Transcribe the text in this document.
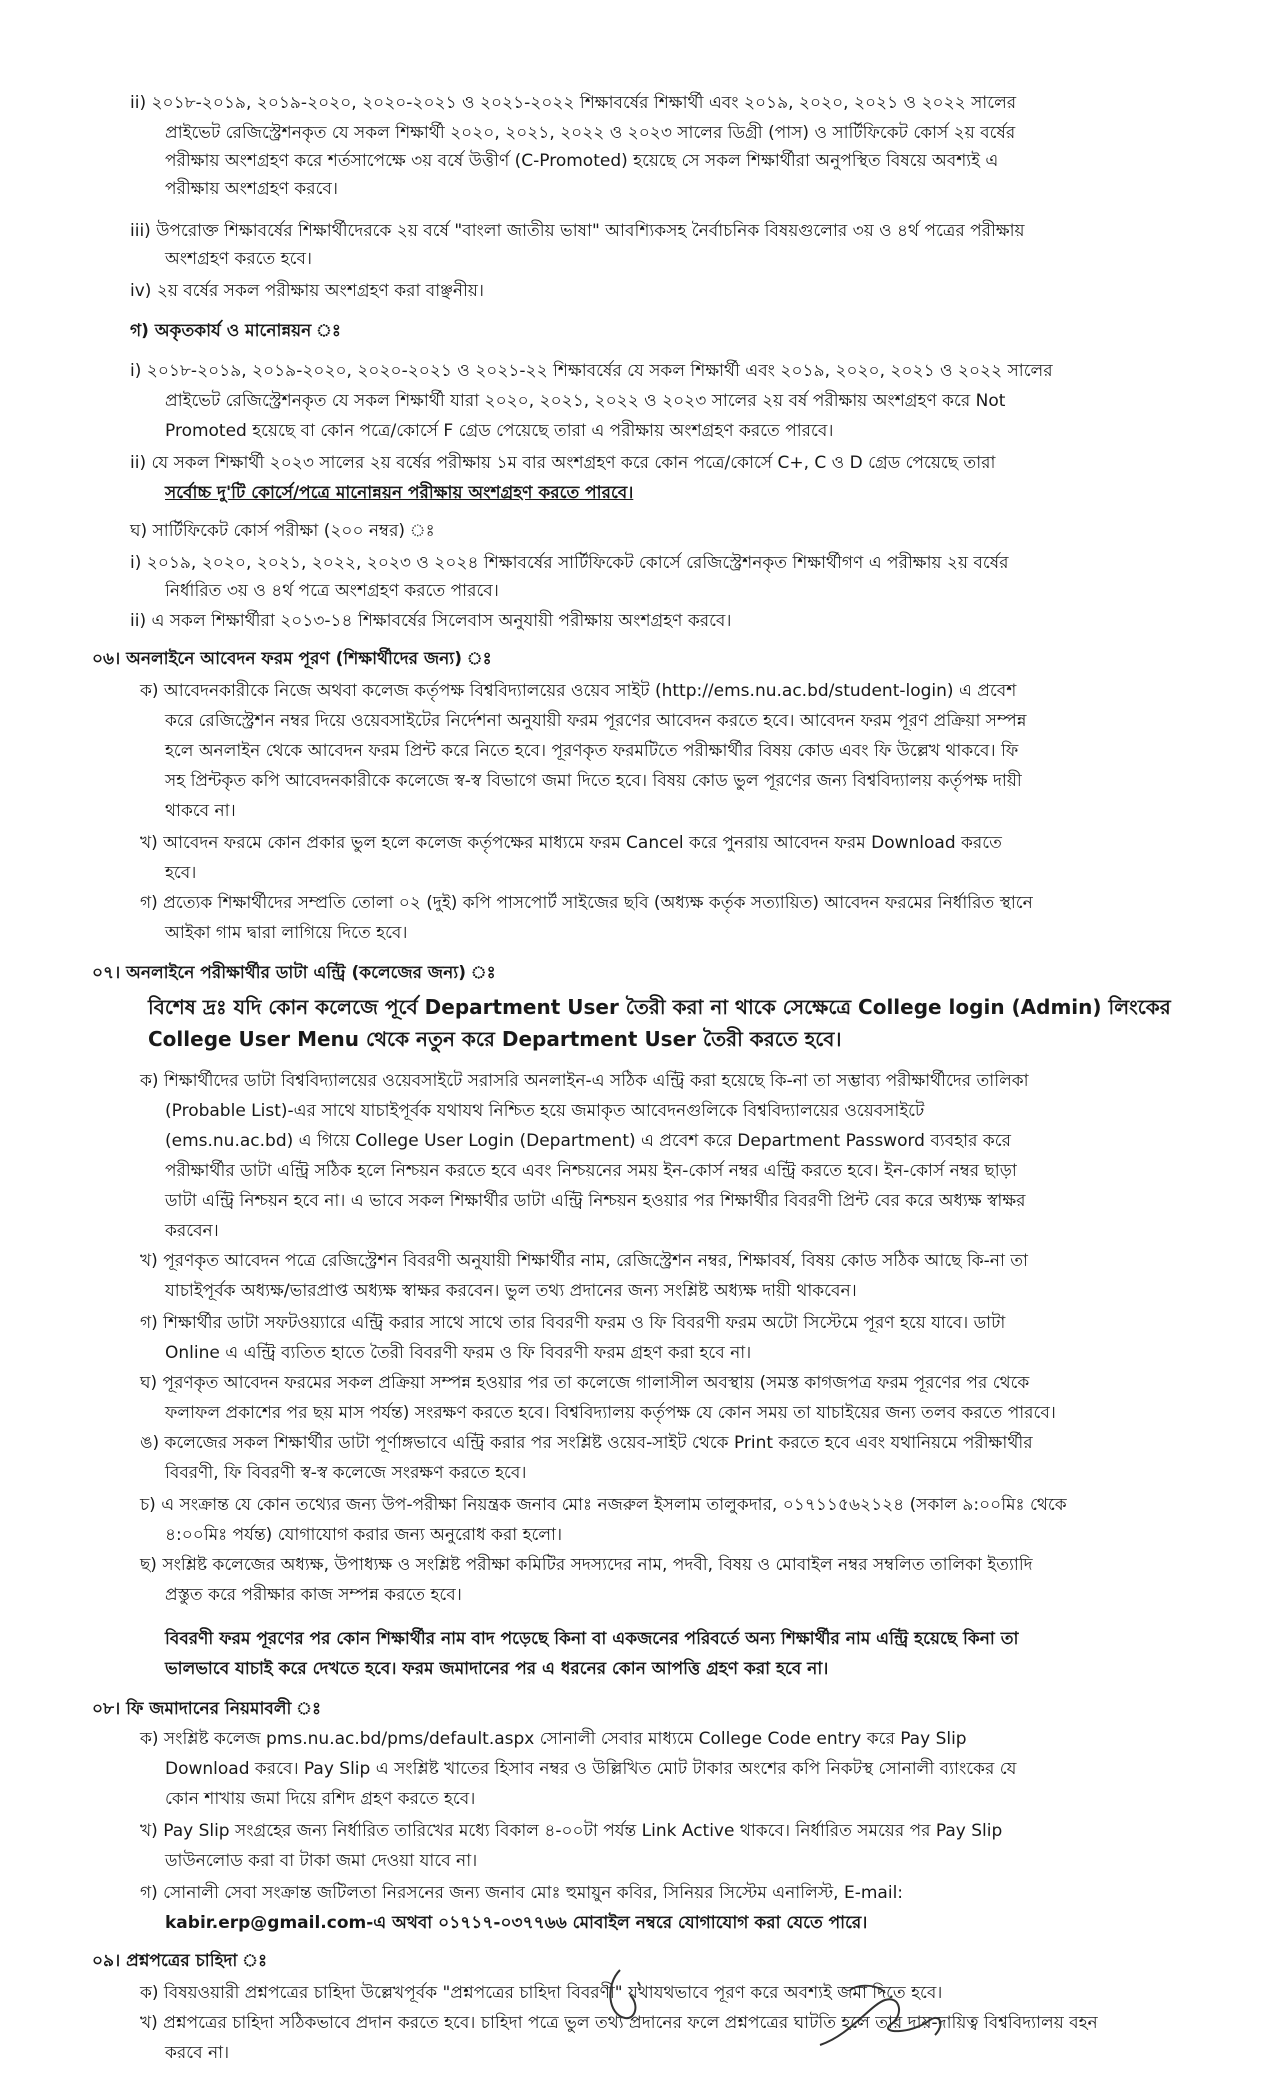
ii) ২০১৮-২০১৯, ২০১৯-২০২০, ২০২০-২০২১ ও ২০২১-২০২২ শিক্ষাবর্ষের শিক্ষার্থী এবং ২০১৯, ২০২০, ২০২১ ও ২০২২ সালের
প্রাইভেট রেজিস্ট্রেশনকৃত যে সকল শিক্ষার্থী ২০২০, ২০২১, ২০২২ ও ২০২৩ সালের ডিগ্রী (পাস) ও সার্টিফিকেট কোর্স ২য় বর্ষের
পরীক্ষায় অংশগ্রহণ করে শর্তসাপেক্ষে ৩য় বর্ষে উত্তীর্ণ (C-Promoted) হয়েছে সে সকল শিক্ষার্থীরা অনুপস্থিত বিষয়ে অবশ্যই এ
পরীক্ষায় অংশগ্রহণ করবে।
iii) উপরোক্ত শিক্ষাবর্ষের শিক্ষার্থীদেরকে ২য় বর্ষে "বাংলা জাতীয় ভাষা" আবশ্যিকসহ নৈর্বাচনিক বিষয়গুলোর ৩য় ও ৪র্থ পত্রের পরীক্ষায়
অংশগ্রহণ করতে হবে।
iv) ২য় বর্ষের সকল পরীক্ষায় অংশগ্রহণ করা বাঞ্ছনীয়।
গ) অকৃতকার্য ও মানোন্নয়ন ঃ
i) ২০১৮-২০১৯, ২০১৯-২০২০, ২০২০-২০২১ ও ২০২১-২২ শিক্ষাবর্ষের যে সকল শিক্ষার্থী এবং ২০১৯, ২০২০, ২০২১ ও ২০২২ সালের
প্রাইভেট রেজিস্ট্রেশনকৃত যে সকল শিক্ষার্থী যারা ২০২০, ২০২১, ২০২২ ও ২০২৩ সালের ২য় বর্ষ পরীক্ষায় অংশগ্রহণ করে Not
Promoted হয়েছে বা কোন পত্রে/কোর্সে F গ্রেড পেয়েছে তারা এ পরীক্ষায় অংশগ্রহণ করতে পারবে।
ii) যে সকল শিক্ষার্থী ২০২৩ সালের ২য় বর্ষের পরীক্ষায় ১ম বার অংশগ্রহণ করে কোন পত্রে/কোর্সে C+, C ও D গ্রেড পেয়েছে তারা
সর্বোচ্চ দু'টি কোর্সে/পত্রে মানোন্নয়ন পরীক্ষায় অংশগ্রহণ করতে পারবে।
ঘ) সার্টিফিকেট কোর্স পরীক্ষা (২০০ নম্বর) ঃ
i) ২০১৯, ২০২০, ২০২১, ২০২২, ২০২৩ ও ২০২৪ শিক্ষাবর্ষের সার্টিফিকেট কোর্সে রেজিস্ট্রেশনকৃত শিক্ষার্থীগণ এ পরীক্ষায় ২য় বর্ষের
নির্ধারিত ৩য় ও ৪র্থ পত্রে অংশগ্রহণ করতে পারবে।
ii) এ সকল শিক্ষার্থীরা ২০১৩-১৪ শিক্ষাবর্ষের সিলেবাস অনুযায়ী পরীক্ষায় অংশগ্রহণ করবে।
০৬। অনলাইনে আবেদন ফরম পূরণ (শিক্ষার্থীদের জন্য) ঃ
ক) আবেদনকারীকে নিজে অথবা কলেজ কর্তৃপক্ষ বিশ্ববিদ্যালয়ের ওয়েব সাইট (http://ems.nu.ac.bd/student-login) এ প্রবেশ
করে রেজিস্ট্রেশন নম্বর দিয়ে ওয়েবসাইটের নির্দেশনা অনুযায়ী ফরম পূরণের আবেদন করতে হবে। আবেদন ফরম পূরণ প্রক্রিয়া সম্পন্ন
হলে অনলাইন থেকে আবেদন ফরম প্রিন্ট করে নিতে হবে। পূরণকৃত ফরমটিতে পরীক্ষার্থীর বিষয় কোড এবং ফি উল্লেখ থাকবে। ফি
সহ প্রিন্টকৃত কপি আবেদনকারীকে কলেজে স্ব-স্ব বিভাগে জমা দিতে হবে। বিষয় কোড ভুল পূরণের জন্য বিশ্ববিদ্যালয় কর্তৃপক্ষ দায়ী
থাকবে না।
খ) আবেদন ফরমে কোন প্রকার ভুল হলে কলেজ কর্তৃপক্ষের মাধ্যমে ফরম Cancel করে পুনরায় আবেদন ফরম Download করতে
হবে।
গ) প্রত্যেক শিক্ষার্থীদের সম্প্রতি তোলা ০২ (দুই) কপি পাসপোর্ট সাইজের ছবি (অধ্যক্ষ কর্তৃক সত্যায়িত) আবেদন ফরমের নির্ধারিত স্থানে
আইকা গাম দ্বারা লাগিয়ে দিতে হবে।
০৭। অনলাইনে পরীক্ষার্থীর ডাটা এন্ট্রি (কলেজের জন্য) ঃ
বিশেষ দ্রঃ যদি কোন কলেজে পূর্বে Department User তৈরী করা না থাকে সেক্ষেত্রে College login (Admin) লিংকের
College User Menu থেকে নতুন করে Department User তৈরী করতে হবে।
ক) শিক্ষার্থীদের ডাটা বিশ্ববিদ্যালয়ের ওয়েবসাইটে সরাসরি অনলাইন-এ সঠিক এন্ট্রি করা হয়েছে কি-না তা সম্ভাব্য পরীক্ষার্থীদের তালিকা
(Probable List)-এর সাথে যাচাইপূর্বক যথাযথ নিশ্চিত হয়ে জমাকৃত আবেদনগুলিকে বিশ্ববিদ্যালয়ের ওয়েবসাইটে
(ems.nu.ac.bd) এ গিয়ে College User Login (Department) এ প্রবেশ করে Department Password ব্যবহার করে
পরীক্ষার্থীর ডাটা এন্ট্রি সঠিক হলে নিশ্চয়ন করতে হবে এবং নিশ্চয়নের সময় ইন-কোর্স নম্বর এন্ট্রি করতে হবে। ইন-কোর্স নম্বর ছাড়া
ডাটা এন্ট্রি নিশ্চয়ন হবে না। এ ভাবে সকল শিক্ষার্থীর ডাটা এন্ট্রি নিশ্চয়ন হওয়ার পর শিক্ষার্থীর বিবরণী প্রিন্ট বের করে অধ্যক্ষ স্বাক্ষর
করবেন।
খ) পূরণকৃত আবেদন পত্রে রেজিস্ট্রেশন বিবরণী অনুযায়ী শিক্ষার্থীর নাম, রেজিস্ট্রেশন নম্বর, শিক্ষাবর্ষ, বিষয় কোড সঠিক আছে কি-না তা
যাচাইপূর্বক অধ্যক্ষ/ভারপ্রাপ্ত অধ্যক্ষ স্বাক্ষর করবেন। ভুল তথ্য প্রদানের জন্য সংশ্লিষ্ট অধ্যক্ষ দায়ী থাকবেন।
গ) শিক্ষার্থীর ডাটা সফটওয়্যারে এন্ট্রি করার সাথে সাথে তার বিবরণী ফরম ও ফি বিবরণী ফরম অটো সিস্টেমে পূরণ হয়ে যাবে। ডাটা
Online এ এন্ট্রি ব্যতিত হাতে তৈরী বিবরণী ফরম ও ফি বিবরণী ফরম গ্রহণ করা হবে না।
ঘ) পূরণকৃত আবেদন ফরমের সকল প্রক্রিয়া সম্পন্ন হওয়ার পর তা কলেজে গালাসীল অবস্থায় (সমস্ত কাগজপত্র ফরম পূরণের পর থেকে
ফলাফল প্রকাশের পর ছয় মাস পর্যন্ত) সংরক্ষণ করতে হবে। বিশ্ববিদ্যালয় কর্তৃপক্ষ যে কোন সময় তা যাচাইয়ের জন্য তলব করতে পারবে।
ঙ) কলেজের সকল শিক্ষার্থীর ডাটা পূর্ণাঙ্গভাবে এন্ট্রি করার পর সংশ্লিষ্ট ওয়েব-সাইট থেকে Print করতে হবে এবং যথানিয়মে পরীক্ষার্থীর
বিবরণী, ফি বিবরণী স্ব-স্ব কলেজে সংরক্ষণ করতে হবে।
চ) এ সংক্রান্ত যে কোন তথ্যের জন্য উপ-পরীক্ষা নিয়ন্ত্রক জনাব মোঃ নজরুল ইসলাম তালুকদার, ০১৭১১৫৬২১২৪ (সকাল ৯:০০মিঃ থেকে
৪:০০মিঃ পর্যন্ত) যোগাযোগ করার জন্য অনুরোধ করা হলো।
ছ) সংশ্লিষ্ট কলেজের অধ্যক্ষ, উপাধ্যক্ষ ও সংশ্লিষ্ট পরীক্ষা কমিটির সদস্যদের নাম, পদবী, বিষয় ও মোবাইল নম্বর সম্বলিত তালিকা ইত্যাদি
প্রস্তুত করে পরীক্ষার কাজ সম্পন্ন করতে হবে।
বিবরণী ফরম পূরণের পর কোন শিক্ষার্থীর নাম বাদ পড়েছে কিনা বা একজনের পরিবর্তে অন্য শিক্ষার্থীর নাম এন্ট্রি হয়েছে কিনা তা
ভালভাবে যাচাই করে দেখতে হবে। ফরম জমাদানের পর এ ধরনের কোন আপত্তি গ্রহণ করা হবে না।
০৮। ফি জমাদানের নিয়মাবলী ঃ
ক) সংশ্লিষ্ট কলেজ pms.nu.ac.bd/pms/default.aspx সোনালী সেবার মাধ্যমে College Code entry করে Pay Slip
Download করবে। Pay Slip এ সংশ্লিষ্ট খাতের হিসাব নম্বর ও উল্লিখিত মোট টাকার অংশের কপি নিকটস্থ সোনালী ব্যাংকের যে
কোন শাখায় জমা দিয়ে রশিদ গ্রহণ করতে হবে।
খ) Pay Slip সংগ্রহের জন্য নির্ধারিত তারিখের মধ্যে বিকাল ৪-০০টা পর্যন্ত Link Active থাকবে। নির্ধারিত সময়ের পর Pay Slip
ডাউনলোড করা বা টাকা জমা দেওয়া যাবে না।
গ) সোনালী সেবা সংক্রান্ত জটিলতা নিরসনের জন্য জনাব মোঃ হুমায়ুন কবির, সিনিয়র সিস্টেম এনালিস্ট, E-mail:
kabir.erp@gmail.com-এ অথবা ০১৭১৭-০৩৭৭৬৬ মোবাইল নম্বরে যোগাযোগ করা যেতে পারে।
০৯। প্রশ্নপত্রের চাহিদা ঃ
ক) বিষয়ওয়ারী প্রশ্নপত্রের চাহিদা উল্লেখপূর্বক "প্রশ্নপত্রের চাহিদা বিবরণী" যথাযথভাবে পূরণ করে অবশ্যই জমা দিতে হবে।
খ) প্রশ্নপত্রের চাহিদা সঠিকভাবে প্রদান করতে হবে। চাহিদা পত্রে ভুল তথ্য প্রদানের ফলে প্রশ্নপত্রের ঘাটতি হলে তার দায়-দায়িত্ব বিশ্ববিদ্যালয় বহন
করবে না।
